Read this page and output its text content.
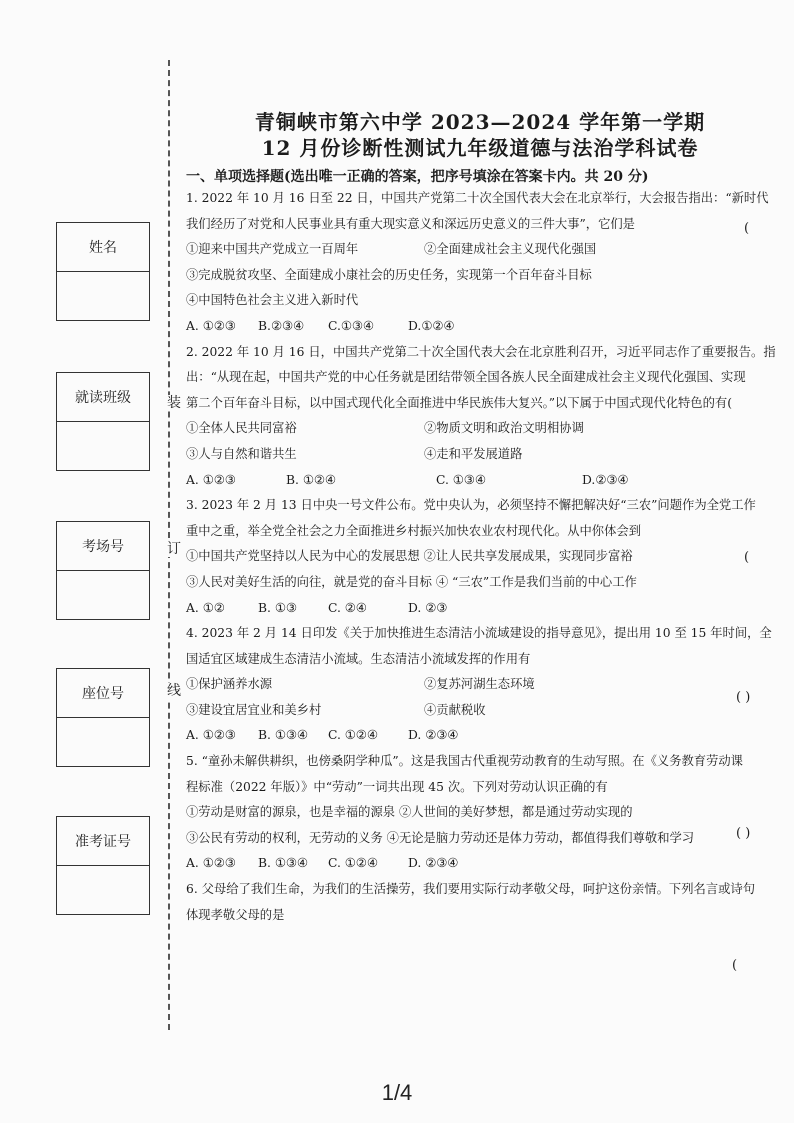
装
订
线
姓名
就读班级
考场号
座位号
准考证号
青铜峡市第六中学 2023—2024 学年第一学期
12 月份诊断性测试九年级道德与法治学科试卷
一、单项选择题(选出唯一正确的答案，把序号填涂在答案卡内。共 20 分)
1. 2022 年 10 月 16 日至 22 日，中国共产党第二十次全国代表大会在北京举行，大会报告指出：“新时代
我们经历了对党和人民事业具有重大现实意义和深远历史意义的三件大事”，它们是
①迎来中国共产党成立一百周年	②全面建成社会主义现代化强国
③完成脱贫攻坚、全面建成小康社会的历史任务，实现第一个百年奋斗目标
④中国特色社会主义进入新时代
A. ①②③ B.②③④ C.①③④	D.①②④
2. 2022 年 10 月 16 日，中国共产党第二十次全国代表大会在北京胜利召开，习近平同志作了重要报告。指
出：“从现在起，中国共产党的中心任务就是团结带领全国各族人民全面建成社会主义现代化强国、实现
第二个百年奋斗目标，以中国式现代化全面推进中华民族伟大复兴。”以下属于中国式现代化特色的有(
①全体人民共同富裕	②物质文明和政治文明相协调
③人与自然和谐共生	④走和平发展道路
A. ①②③	B. ①②④	C. ①③④	D.②③④
3. 2023 年 2 月 13 日中央一号文件公布。党中央认为，必须坚持不懈把解决好“三农”问题作为全党工作
重中之重，举全党全社会之力全面推进乡村振兴加快农业农村现代化。从中你体会到
①中国共产党坚持以人民为中心的发展思想 ②让人民共享发展成果，实现同步富裕
③人民对美好生活的向往，就是党的奋斗目标 ④ “三农”工作是我们当前的中心工作
A. ①②	B. ①③	C. ②④	D. ②③
4. 2023 年 2 月 14 日印发《关于加快推进生态清洁小流域建设的指导意见》，提出用 10 至 15 年时间，全
国适宜区域建成生态清洁小流域。生态清洁小流域发挥的作用有
①保护涵养水源	②复苏河湖生态环境
③建设宜居宜业和美乡村	④贡献税收
A. ①②③ B. ①③④ C. ①②④ D. ②③④
5. “童孙未解供耕织，也傍桑阴学种瓜”。这是我国古代重视劳动教育的生动写照。在《义务教育劳动课
程标准（2022 年版）》中“劳动”一词共出现 45 次。下列对劳动认识正确的有
①劳动是财富的源泉，也是幸福的源泉 ②人世间的美好梦想，都是通过劳动实现的
③公民有劳动的权利，无劳动的义务 ④无论是脑力劳动还是体力劳动，都值得我们尊敬和学习
A. ①②③ B. ①③④ C. ①②④ D. ②③④
6. 父母给了我们生命，为我们的生活操劳，我们要用实际行动孝敬父母，呵护这份亲情。下列名言或诗句
体现孝敬父母的是
(
(
( )
( )
(
1/4
